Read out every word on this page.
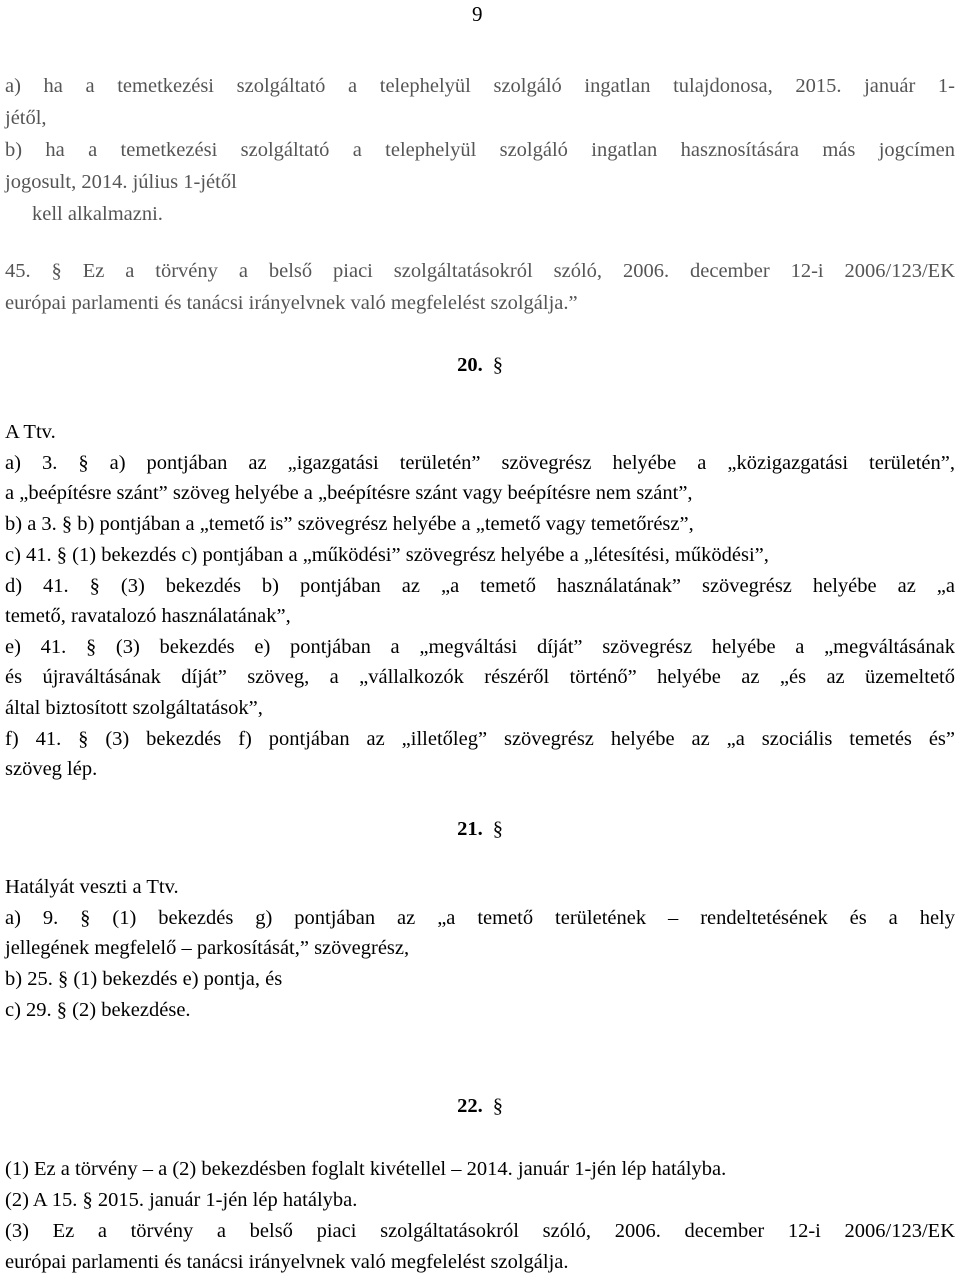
9

a) ha a temetkezési szolgáltató a telephelyül szolgáló ingatlan tulajdonosa, 2015. január 1-

jétől,

b) ha a temetkezési szolgáltató a telephelyül szolgáló ingatlan hasznosítására más jogcímen

jogosult, 2014. július 1-jétől

kell alkalmazni.

45. § Ez a törvény a belső piaci szolgáltatásokról szóló, 2006. december 12-i 2006/123/EK

európai parlamenti és tanácsi irányelvnek való megfelelést szolgálja.”

20. §

A Ttv.

a) 3. § a) pontjában az „igazgatási területén” szövegrész helyébe a „közigazgatási területén”,

a „beépítésre szánt” szöveg helyébe a „beépítésre szánt vagy beépítésre nem szánt”,

b) a 3. § b) pontjában a „temető is” szövegrész helyébe a „temető vagy temetőrész”,

c) 41. § (1) bekezdés c) pontjában a „működési” szövegrész helyébe a „létesítési, működési”,

d) 41. § (3) bekezdés b) pontjában az „a temető használatának” szövegrész helyébe az „a

temető, ravatalozó használatának”,

e) 41. § (3) bekezdés e) pontjában a „megváltási díját” szövegrész helyébe a „megváltásának

és újraváltásának díját” szöveg, a „vállalkozók részéről történő” helyébe az „és az üzemeltető

által biztosított szolgáltatások”,

f) 41. § (3) bekezdés f) pontjában az „illetőleg” szövegrész helyébe az „a szociális temetés és”

szöveg lép.

21. §

Hatályát veszti a Ttv.

a) 9. § (1) bekezdés g) pontjában az „a temető területének – rendeltetésének és a hely

jellegének megfelelő – parkosítását,” szövegrész,

b) 25. § (1) bekezdés e) pontja, és

c) 29. § (2) bekezdése.

22. §

(1) Ez a törvény – a (2) bekezdésben foglalt kivétellel – 2014. január 1-jén lép hatályba.

(2) A 15. § 2015. január 1-jén lép hatályba.

(3) Ez a törvény a belső piaci szolgáltatásokról szóló, 2006. december 12-i 2006/123/EK

európai parlamenti és tanácsi irányelvnek való megfelelést szolgálja.
